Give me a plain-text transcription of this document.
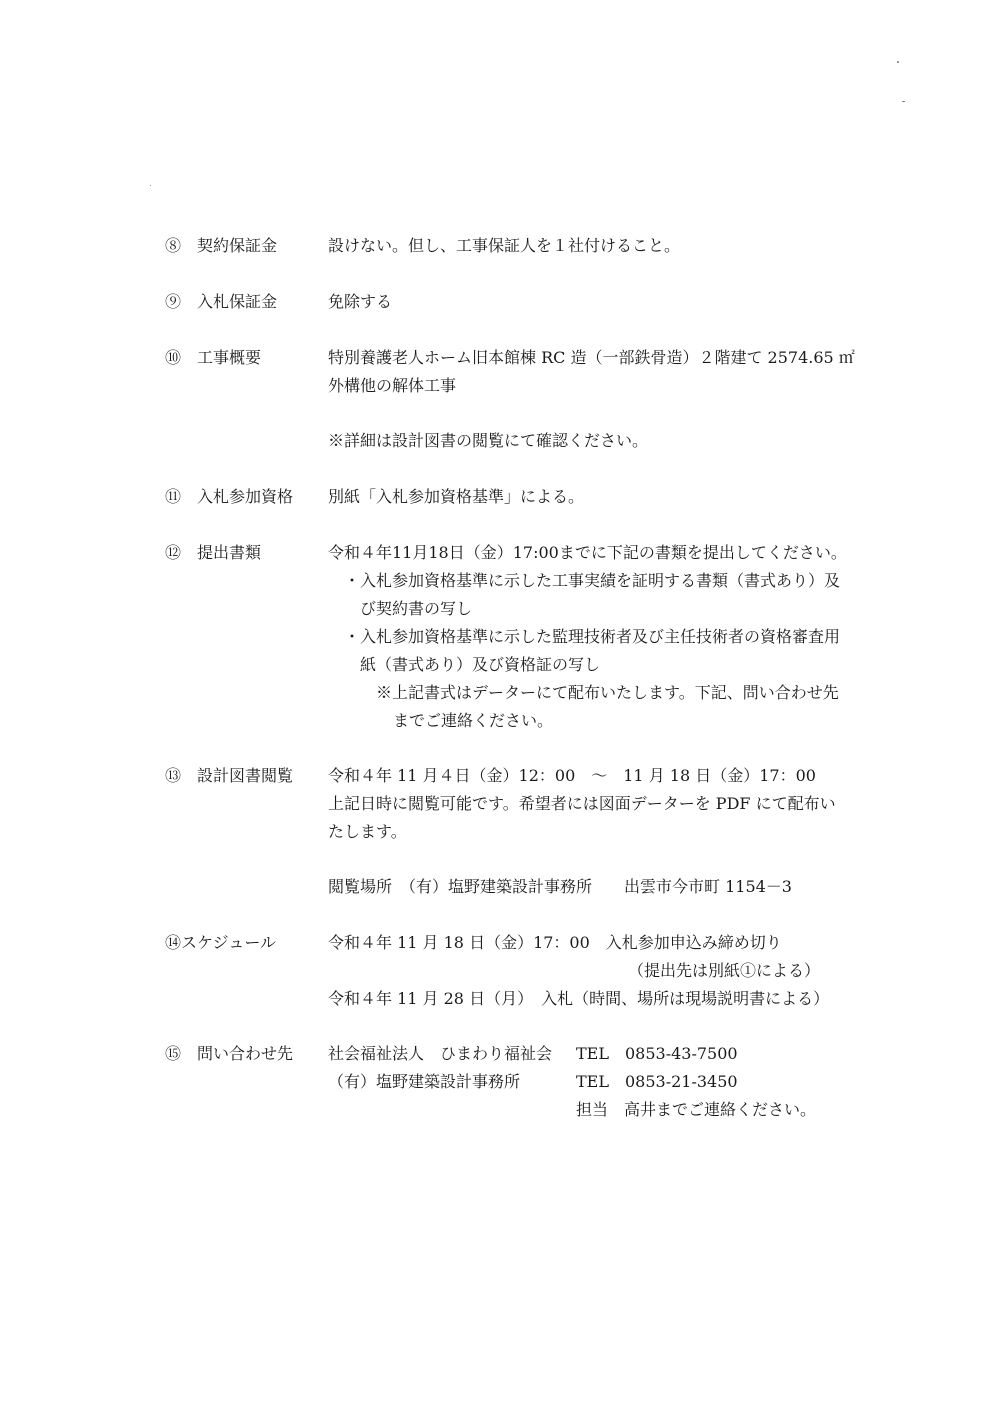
⑧　契約保証金	設けない。但し、工事保証人を１社付けること。
⑨　入札保証金	免除する
⑩　工事概要	特別養護老人ホーム旧本館棟 RC 造（一部鉄骨造）２階建て 2574.65 ㎡
外構他の解体工事
※詳細は設計図書の閲覧にて確認ください。
⑪　入札参加資格 別紙「入札参加資格基準」による。
⑫　提出書類	令和４年11月18日（金）17:00までに下記の書類を提出してください。
・入札参加資格基準に示した工事実績を証明する書類（書式あり）及
び契約書の写し
・入札参加資格基準に示した監理技術者及び主任技術者の資格審査用
紙（書式あり）及び資格証の写し
※上記書式はデーターにて配布いたします。下記、問い合わせ先
までご連絡ください。
⑬　設計図書閲覧 令和４年 11 月４日（金）12：00　～　11 月 18 日（金）17：00
上記日時に閲覧可能です。希望者には図面データーを PDF にて配布い
たします。
閲覧場所　（有）塩野建築設計事務所　　出雲市今市町 1154－3
⑭スケジュール	令和４年 11 月 18 日（金）17：00　入札参加申込み締め切り
（提出先は別紙①による）
令和４年 11 月 28 日（月）　入札（時間、場所は現場説明書による）
⑮　問い合わせ先 社会福祉法人　ひまわり福祉会 TEL　0853-43-7500
（有）塩野建築設計事務所	TEL　0853-21-3450
担当　高井までご連絡ください。
